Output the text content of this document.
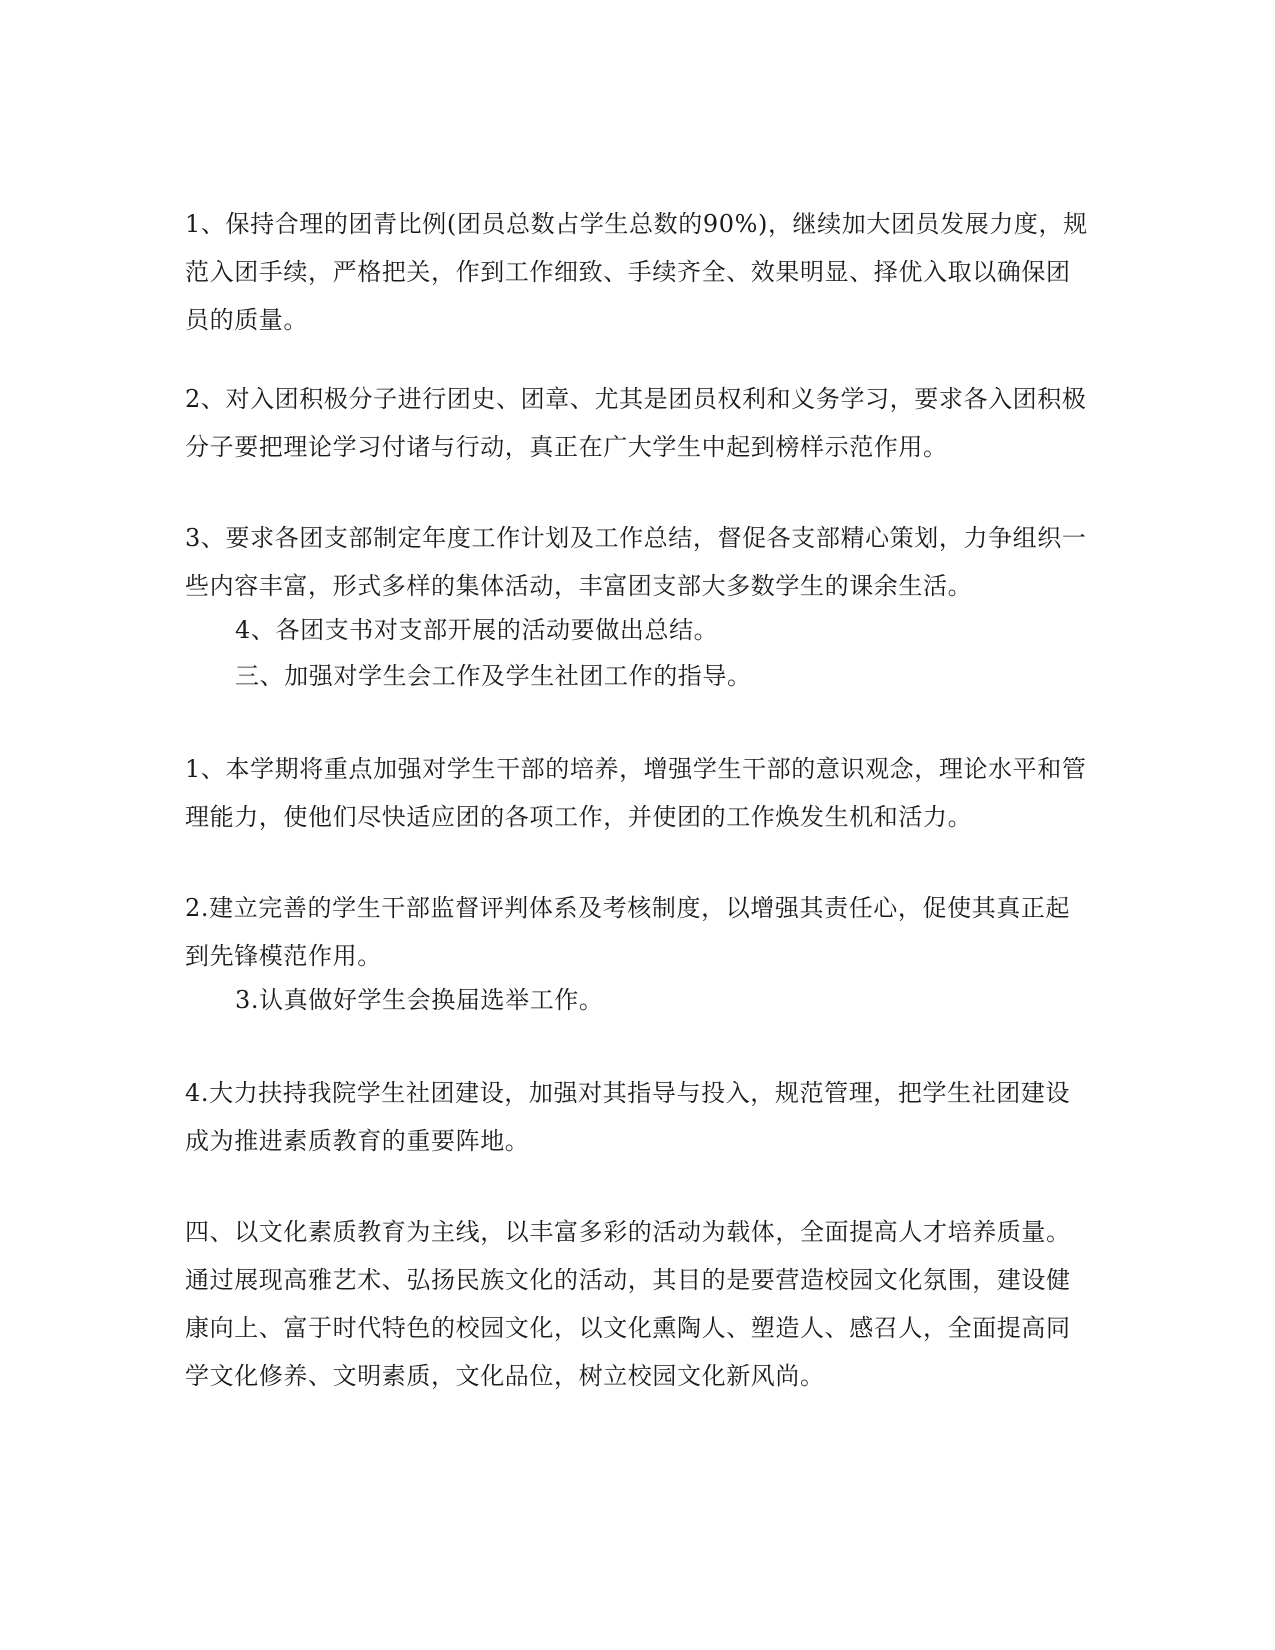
1、保持合理的团青比例(团员总数占学生总数的90%)，继续加大团员发展力度，规范入团手续，严格把关，作到工作细致、手续齐全、效果明显、择优入取以确保团员的质量。

2、对入团积极分子进行团史、团章、尤其是团员权利和义务学习，要求各入团积极分子要把理论学习付诸与行动，真正在广大学生中起到榜样示范作用。

3、要求各团支部制定年度工作计划及工作总结，督促各支部精心策划，力争组织一些内容丰富，形式多样的集体活动，丰富团支部大多数学生的课余生活。

4、各团支书对支部开展的活动要做出总结。

三、加强对学生会工作及学生社团工作的指导。

1、本学期将重点加强对学生干部的培养，增强学生干部的意识观念，理论水平和管理能力，使他们尽快适应团的各项工作，并使团的工作焕发生机和活力。

2.建立完善的学生干部监督评判体系及考核制度，以增强其责任心，促使其真正起到先锋模范作用。

3.认真做好学生会换届选举工作。

4.大力扶持我院学生社团建设，加强对其指导与投入，规范管理，把学生社团建设成为推进素质教育的重要阵地。

四、以文化素质教育为主线，以丰富多彩的活动为载体，全面提高人才培养质量。通过展现高雅艺术、弘扬民族文化的活动，其目的是要营造校园文化氛围，建设健康向上、富于时代特色的校园文化，以文化熏陶人、塑造人、感召人，全面提高同学文化修养、文明素质，文化品位，树立校园文化新风尚。
